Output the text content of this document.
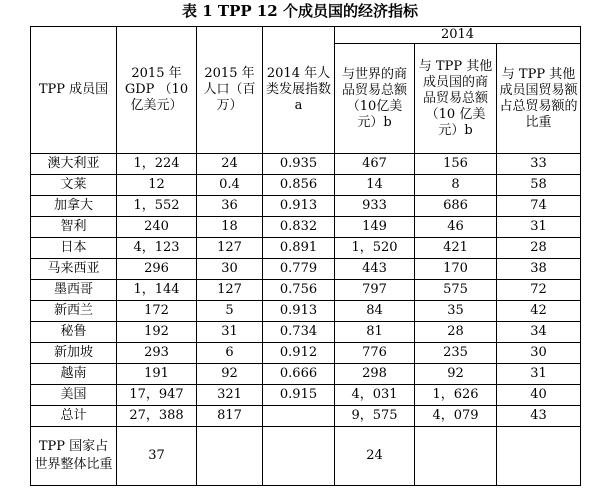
表 1 TPP 12 个成员国的经济指标
TPP 成员国	2015 年 GDP （10 亿美元）	2015 年人口（百万）	2014 年人类发展指数 a	2014		
				与世界的商品贸易总额（10亿美元）b	与 TPP 其他成员国的商品贸易总额（10 亿美元）b	与 TPP 其他成员国贸易额占总贸易额的比重
澳大利亚	1，224	24	0.935	467	156	33
文莱	12	0.4	0.856	14	8	58
加拿大	1，552	36	0.913	933	686	74
智利	240	18	0.832	149	46	31
日本	4，123	127	0.891	1，520	421	28
马来西亚	296	30	0.779	443	170	38
墨西哥	1，144	127	0.756	797	575	72
新西兰	172	5	0.913	84	35	42
秘鲁	192	31	0.734	81	28	34
新加坡	293	6	0.912	776	235	30
越南	191	92	0.666	298	92	31
美国	17，947	321	0.915	4，031	1，626	40
总计	27，388	817		9，575	4，079	43
TPP 国家占世界整体比重	37			24		
